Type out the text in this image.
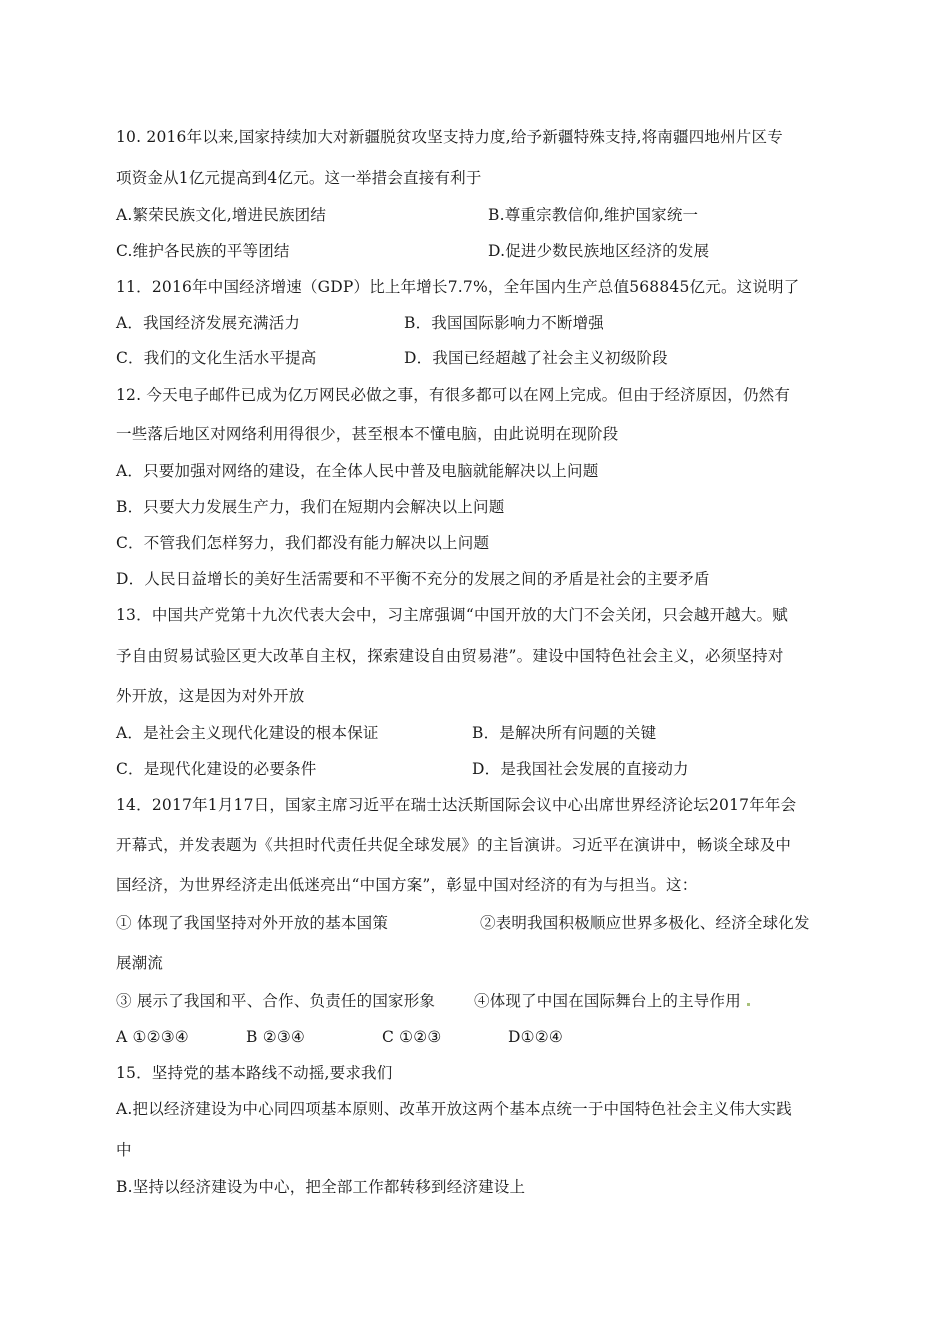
10. 2016年以来,国家持续加大对新疆脱贫攻坚支持力度,给予新疆特殊支持,将南疆四地州片区专
项资金从1亿元提高到4亿元。这一举措会直接有利于
A.繁荣民族文化,增进民族团结	B.尊重宗教信仰,维护国家统一
C.维护各民族的平等团结	D.促进少数民族地区经济的发展
11．2016年中国经济增速（GDP）比上年增长7.7%，全年国内生产总值568845亿元。这说明了
A．我国经济发展充满活力	B．我国国际影响力不断增强
C．我们的文化生活水平提高	D．我国已经超越了社会主义初级阶段
12. 今天电子邮件已成为亿万网民必做之事，有很多都可以在网上完成。但由于经济原因，仍然有
一些落后地区对网络利用得很少，甚至根本不懂电脑，由此说明在现阶段
A．只要加强对网络的建设，在全体人民中普及电脑就能解决以上问题
B．只要大力发展生产力，我们在短期内会解决以上问题
C．不管我们怎样努力，我们都没有能力解决以上问题
D．人民日益增长的美好生活需要和不平衡不充分的发展之间的矛盾是社会的主要矛盾
13．中国共产党第十九次代表大会中，习主席强调“中国开放的大门不会关闭，只会越开越大。赋
予自由贸易试验区更大改革自主权，探索建设自由贸易港”。建设中国特色社会主义，必须坚持对
外开放，这是因为对外开放
A．是社会主义现代化建设的根本保证	B．是解决所有问题的关键
C．是现代化建设的必要条件	D．是我国社会发展的直接动力
14．2017年1月17日，国家主席习近平在瑞士达沃斯国际会议中心出席世界经济论坛2017年年会
开幕式，并发表题为《共担时代责任共促全球发展》的主旨演讲。习近平在演讲中，畅谈全球及中
国经济，为世界经济走出低迷亮出“中国方案”，彰显中国对经济的有为与担当。这：
① 体现了我国坚持对外开放的基本国策	②表明我国积极顺应世界多极化、经济全球化发
展潮流
③ 展示了我国和平、合作、负责任的国家形象	④体现了中国在国际舞台上的主导作用
A ①②③④	B ②③④	C ①②③	D①②④
15．坚持党的基本路线不动摇,要求我们
A.把以经济建设为中心同四项基本原则、改革开放这两个基本点统一于中国特色社会主义伟大实践
中
B.坚持以经济建设为中心，把全部工作都转移到经济建设上
